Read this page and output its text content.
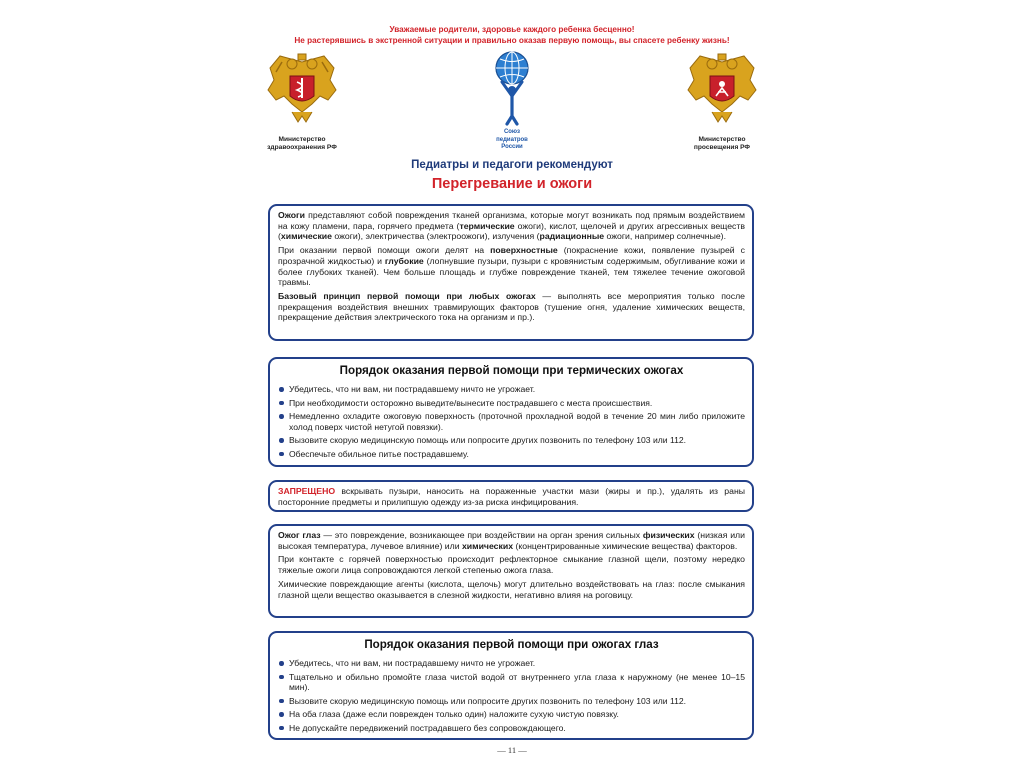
Уважаемые родители, здоровье каждого ребенка бесценно!
Не растерявшись в экстренной ситуации и правильно оказав первую помощь, вы спасете ребенку жизнь!
Министерство
здравоохранения РФ
Союз
педиатров
России
Министерство
просвещения РФ
Педиатры и педагоги рекомендуют
Перегревание и ожоги

Ожоги представляют собой повреждения тканей организма, которые могут возникать под прямым воздействием на кожу пламени, пара, горячего предмета (термические ожоги), кислот, щелочей и других агрессивных веществ (химические ожоги), электричества (электроожоги), излучения (радиационные ожоги, например солнечные).

При оказании первой помощи ожоги делят на поверхностные (покраснение кожи, появление пузырей с прозрачной жидкостью) и глубокие (лопнувшие пузыри, пузыри с кровянистым содержимым, обугливание кожи и более глубоких тканей). Чем больше площадь и глубже повреждение тканей, тем тяжелее течение ожоговой травмы.

Базовый принцип первой помощи при любых ожогах — выполнять все мероприятия только после прекращения воздействия внешних травмирующих факторов (тушение огня, удаление химических веществ, прекращение действия электрического тока на организм и пр.).

Порядок оказания первой помощи при термических ожогах
Убедитесь, что ни вам, ни пострадавшему ничто не угрожает.
При необходимости осторожно выведите/вынесите пострадавшего с места происшествия.
Немедленно охладите ожоговую поверхность (проточной прохладной водой в течение 20 мин либо приложите холод поверх чистой нетугой повязки).
Вызовите скорую медицинскую помощь или попросите других позвонить по телефону 103 или 112.
Обеспечьте обильное питье пострадавшему.

ЗАПРЕЩЕНО вскрывать пузыри, наносить на пораженные участки мази (жиры и пр.), удалять из раны посторонние предметы и прилипшую одежду из-за риска инфицирования.

Ожог глаз — это повреждение, возникающее при воздействии на орган зрения сильных физических (низкая или высокая температура, лучевое влияние) или химических (концентрированные химические вещества) факторов.

При контакте с горячей поверхностью происходит рефлекторное смыкание глазной щели, поэтому нередко тяжелые ожоги лица сопровождаются легкой степенью ожога глаза.

Химические повреждающие агенты (кислота, щелочь) могут длительно воздействовать на глаз: после смыкания глазной щели вещество оказывается в слезной жидкости, негативно влияя на роговицу.

Порядок оказания первой помощи при ожогах глаз
Убедитесь, что ни вам, ни пострадавшему ничто не угрожает.
Тщательно и обильно промойте глаза чистой водой от внутреннего угла глаза к наружному (не менее 10–15 мин).
Вызовите скорую медицинскую помощь или попросите других позвонить по телефону 103 или 112.
На оба глаза (даже если поврежден только один) наложите сухую чистую повязку.
Не допускайте передвижений пострадавшего без сопровождающего.
— 11 —
